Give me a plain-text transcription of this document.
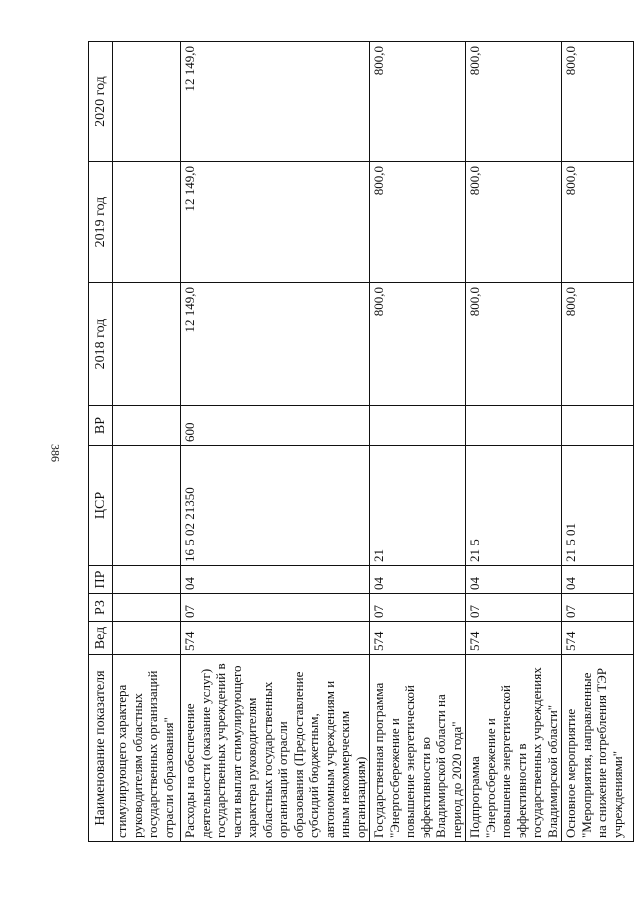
386
Наименование показателя	Вед	РЗ	ПР	ЦСР	ВР	2018 год	2019 год	2020 год
стимулирующего характера руководителям областных государственных организаций отрасли образования"								
Расходы на обеспечение деятельности (оказание услуг) государственных учреждений в части выплат стимулирующего характера руководителям областных государственных организаций отрасли образования (Предоставление субсидий бюджетным, автономным учреждениям и иным некоммерческим организациям)	574	07	04	16 5 02 21350	600	12 149,0	12 149,0	12 149,0
Государственная программа "Энергосбережение и повышение энергетической эффективности во Владимирской области на период до 2020 года"	574	07	04	21		800,0	800,0	800,0
Подпрограмма "Энергосбережение и повышение энергетической эффективности в государственных учреждениях Владимирской области"	574	07	04	21 5		800,0	800,0	800,0
Основное мероприятие "Мероприятия, направленные на снижение потребления ТЭР учреждениями"	574	07	04	21 5 01		800,0	800,0	800,0
